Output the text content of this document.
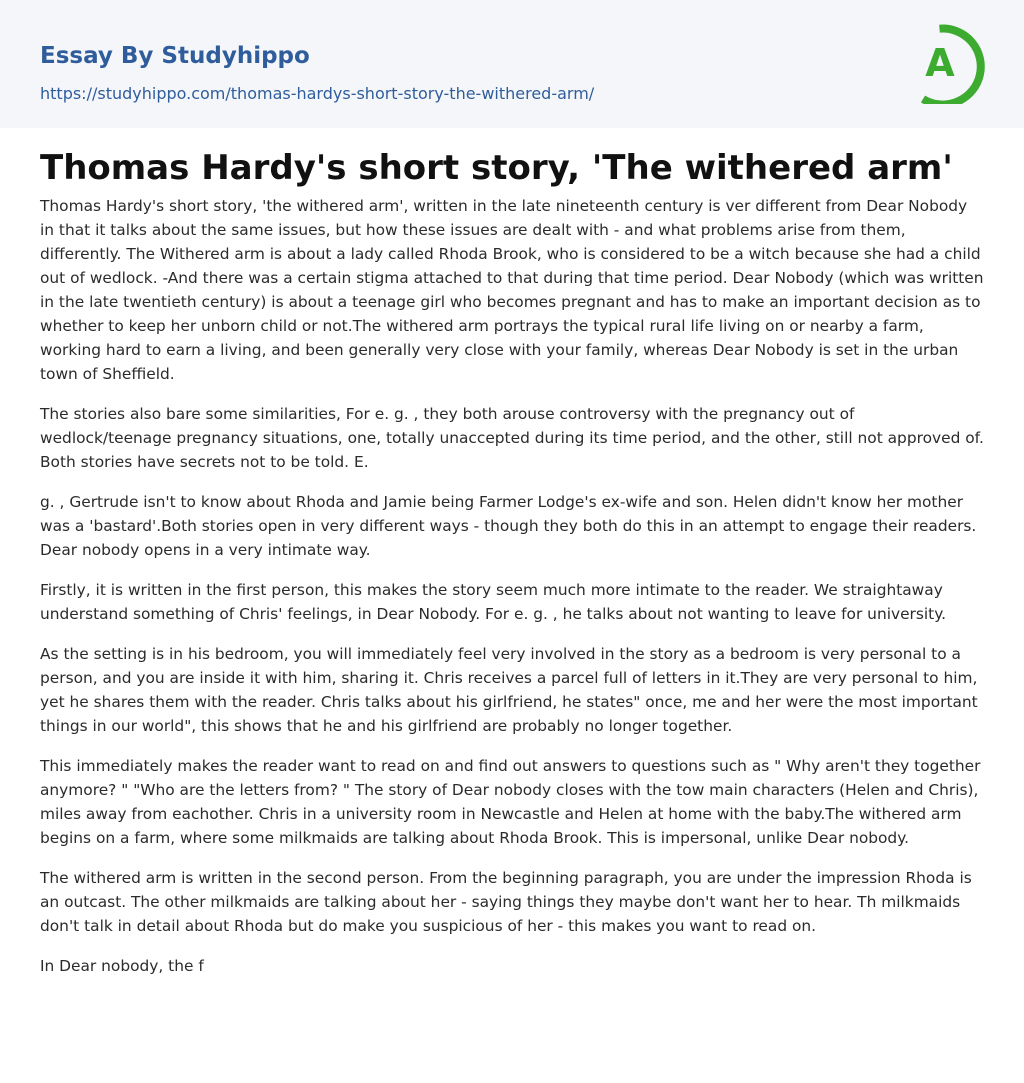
Essay By Studyhippo
https://studyhippo.com/thomas-hardys-short-story-the-withered-arm/
A
Thomas Hardy's short story, 'The withered arm'

Thomas Hardy's short story, 'the withered arm', written in the late nineteenth century is ver different from Dear Nobody in that it talks about the same issues, but how these issues are dealt with - and what problems arise from them, differently. The Withered arm is about a lady called Rhoda Brook, who is considered to be a witch because she had a child out of wedlock. -And there was a certain stigma attached to that during that time period. Dear Nobody (which was written in the late twentieth century) is about a teenage girl who becomes pregnant and has to make an important decision as to whether to keep her unborn child or not.The withered arm portrays the typical rural life living on or nearby a farm, working hard to earn a living, and been generally very close with your family, whereas Dear Nobody is set in the urban town of Sheffield.

The stories also bare some similarities, For e. g. , they both arouse controversy with the pregnancy out of wedlock/teenage pregnancy situations, one, totally unaccepted during its time period, and the other, still not approved of. Both stories have secrets not to be told. E.

g. , Gertrude isn't to know about Rhoda and Jamie being Farmer Lodge's ex-wife and son. Helen didn't know her mother was a 'bastard'.Both stories open in very different ways - though they both do this in an attempt to engage their readers. Dear nobody opens in a very intimate way.

Firstly, it is written in the first person, this makes the story seem much more intimate to the reader. We straightaway understand something of Chris' feelings, in Dear Nobody. For e. g. , he talks about not wanting to leave for university.

As the setting is in his bedroom, you will immediately feel very involved in the story as a bedroom is very personal to a person, and you are inside it with him, sharing it. Chris receives a parcel full of letters in it.They are very personal to him, yet he shares them with the reader. Chris talks about his girlfriend, he states" once, me and her were the most important things in our world", this shows that he and his girlfriend are probably no longer together.

This immediately makes the reader want to read on and find out answers to questions such as " Why aren't they together anymore? " "Who are the letters from? " The story of Dear nobody closes with the tow main characters (Helen and Chris), miles away from eachother. Chris in a university room in Newcastle and Helen at home with the baby.The withered arm begins on a farm, where some milkmaids are talking about Rhoda Brook. This is impersonal, unlike Dear nobody.

The withered arm is written in the second person. From the beginning paragraph, you are under the impression Rhoda is an outcast. The other milkmaids are talking about her - saying things they maybe don't want her to hear. Th milkmaids don't talk in detail about Rhoda but do make you suspicious of her - this makes you want to read on.

In Dear nobody, the f
